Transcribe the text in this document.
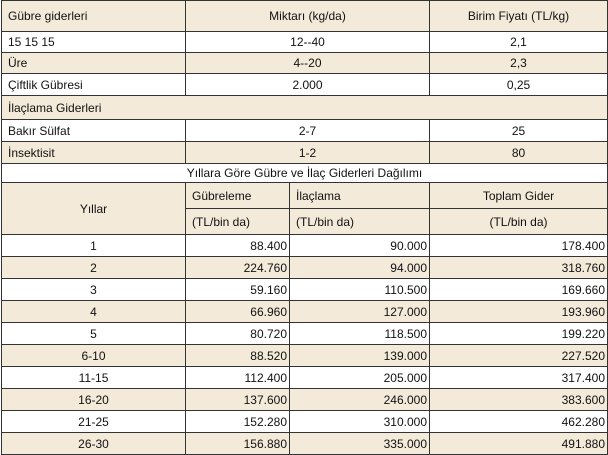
Gübre giderleri	Miktarı (kg/da)		Birim Fiyatı (TL/kg)
15 15 15	12--40		2,1
Üre	4--20		2,3
Çiftlik Gübresi	2.000		0,25
İlaçlama Giderleri			
Bakır Sülfat	2-7		25
İnsektisit	1-2		80
Yıllara Göre Gübre ve İlaç Giderleri Dağılımı			
Yıllar	Gübreleme	İlaçlama	Toplam Gider
	(TL/bin da)	(TL/bin da)	(TL/bin da)
1	88.400	90.000	178.400
2	224.760	94.000	318.760
3	59.160	110.500	169.660
4	66.960	127.000	193.960
5	80.720	118.500	199.220
6-10	88.520	139.000	227.520
11-15	112.400	205.000	317.400
16-20	137.600	246.000	383.600
21-25	152.280	310.000	462.280
26-30	156.880	335.000	491.880
